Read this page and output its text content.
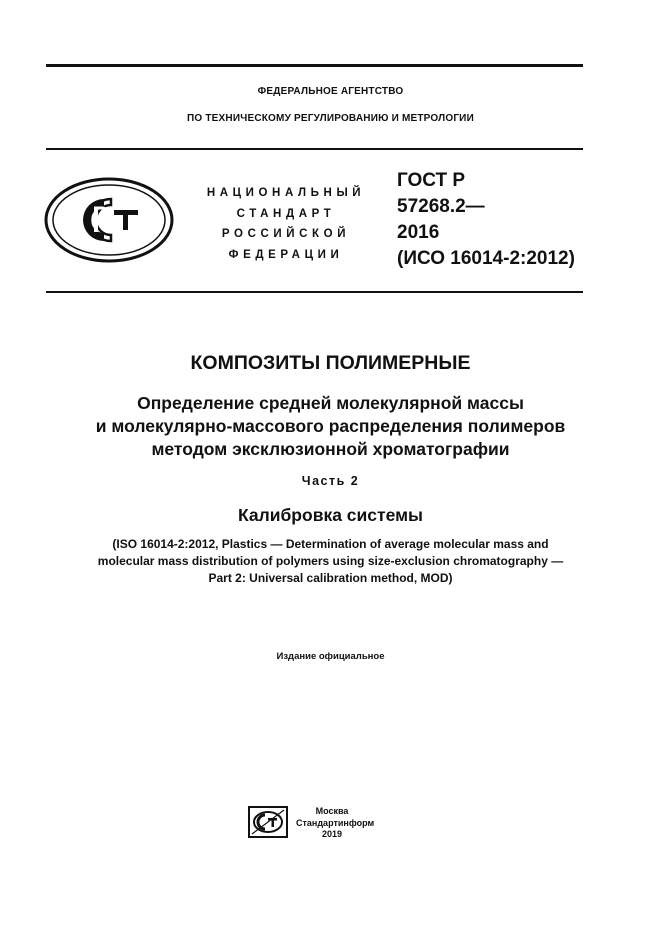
ФЕДЕРАЛЬНОЕ АГЕНТСТВО
ПО ТЕХНИЧЕСКОМУ РЕГУЛИРОВАНИЮ И МЕТРОЛОГИИ
НАЦИОНАЛЬНЫЙ
СТАНДАРТ
РОССИЙСКОЙ
ФЕДЕРАЦИИ
ГОСТ Р
57268.2—
2016
(ИСО 16014-2:2012)
КОМПОЗИТЫ ПОЛИМЕРНЫЕ
Определение средней молекулярной массы
и молекулярно-массового распределения полимеров
методом эксклюзионной хроматографии
Часть 2
Калибровка системы
(ISO 16014-2:2012, Plastics — Determination of average molecular mass and
molecular mass distribution of polymers using size-exclusion chromatography —
Part 2: Universal calibration method, MOD)
Издание официальное
Москва
Стандартинформ
2019
